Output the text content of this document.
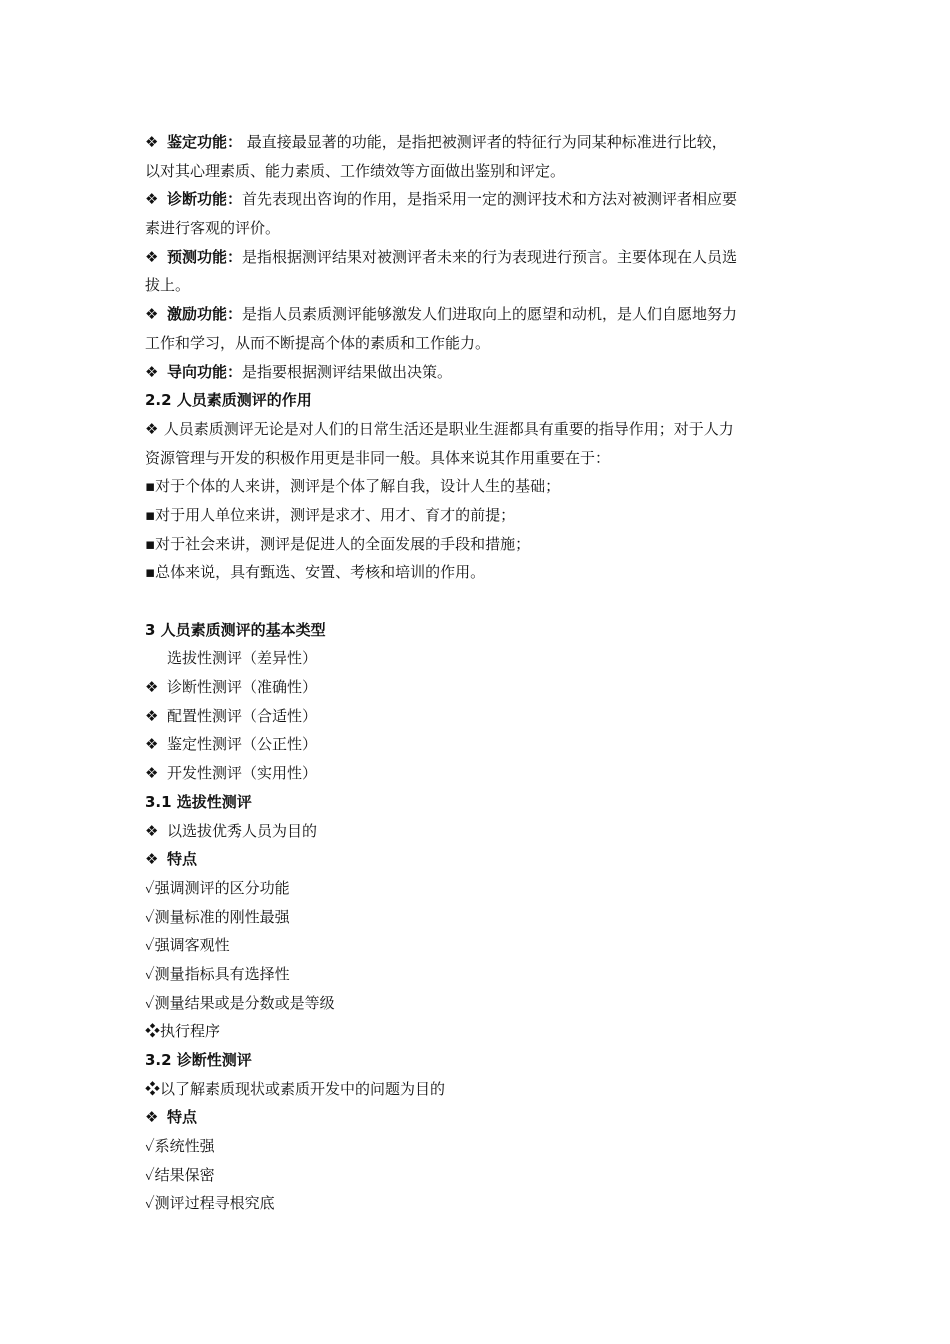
❖ 鉴定功能： 最直接最显著的功能，是指把被测评者的特征行为同某种标准进行比较，
以对其心理素质、能力素质、工作绩效等方面做出鉴别和评定。
❖ 诊断功能：首先表现出咨询的作用，是指采用一定的测评技术和方法对被测评者相应要
素进行客观的评价。
❖ 预测功能：是指根据测评结果对被测评者未来的行为表现进行预言。主要体现在人员选
拔上。
❖ 激励功能：是指人员素质测评能够激发人们进取向上的愿望和动机，是人们自愿地努力
工作和学习，从而不断提高个体的素质和工作能力。
❖ 导向功能：是指要根据测评结果做出决策。
2.2 人员素质测评的作用
❖ 人员素质测评无论是对人们的日常生活还是职业生涯都具有重要的指导作用；对于人力
资源管理与开发的积极作用更是非同一般。具体来说其作用重要在于：
▪对于个体的人来讲，测评是个体了解自我，设计人生的基础；
▪对于用人单位来讲，测评是求才、用才、育才的前提；
▪对于社会来讲，测评是促进人的全面发展的手段和措施；
▪总体来说，具有甄选、安置、考核和培训的作用。
3 人员素质测评的基本类型
选拔性测评（差异性）
❖ 诊断性测评（准确性）
❖ 配置性测评（合适性）
❖ 鉴定性测评（公正性）
❖ 开发性测评（实用性）
3.1 选拔性测评
❖ 以选拔优秀人员为目的
❖ 特点
✓强调测评的区分功能
✓测量标准的刚性最强
✓强调客观性
✓测量指标具有选择性
✓测量结果或是分数或是等级
❖执行程序
3.2 诊断性测评
❖以了解素质现状或素质开发中的问题为目的
❖ 特点
✓系统性强
✓结果保密
✓测评过程寻根究底
